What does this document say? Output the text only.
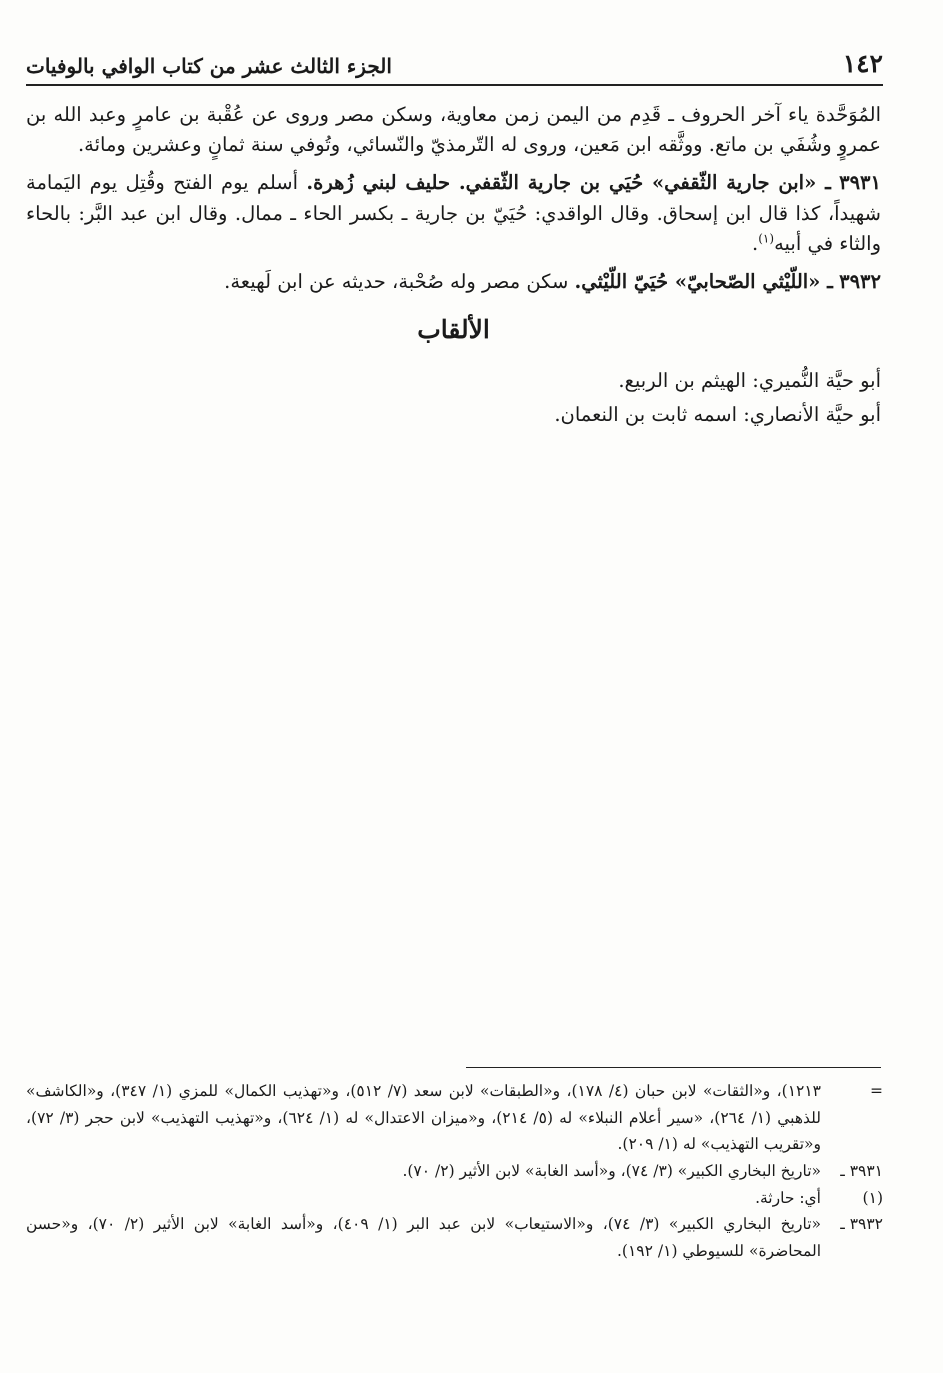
١٤٢
الجزء الثالث عشر من كتاب الوافي بالوفيات

المُوَحَّدة ياء آخر الحروف ـ قَدِم من اليمن زمن معاوية، وسكن مصر وروى عن عُقْبة بن عامرٍ وعبد الله بن عمروٍ وشُفَي بن ماتع. ووثَّقه ابن مَعين، وروى له التّرمذيّ والنّسائي، وتُوفي سنة ثمانٍ وعشرين ومائة.

٣٩٣١ ـ «ابن جارية الثّقفي» حُيَي بن جارية الثّقفي. حليف لبني زُهرة. أسلم يوم الفتح وقُتِل يوم اليَمامة شهيداً، كذا قال ابن إسحاق. وقال الواقدي: حُيَيّ بن جارية ـ بكسر الحاء ـ ممال. وقال ابن عبد البَّر: بالحاء والثاء في أبيه$^{(١)}$.

٣٩٣٢ ـ «اللّيْثي الصّحابيّ» حُيَيّ اللّيْثي. سكن مصر وله صُحْبة، حديثه عن ابن لَهيعة.

الألقاب

أبو حيَّة النُّميري: الهيثم بن الربيع.

أبو حيَّة الأنصاري: اسمه ثابت بن النعمان.

=
١٢١٣)، و«الثقات» لابن حبان (٤/ ١٧٨)، و«الطبقات» لابن سعد (٧/ ٥١٢)، و«تهذيب الكمال» للمزي (١/ ٣٤٧)، و«الكاشف» للذهبي (١/ ٢٦٤)، «سير أعلام النبلاء» له (٥/ ٢١٤)، و«ميزان الاعتدال» له (١/ ٦٢٤)، و«تهذيب التهذيب» لابن حجر (٣/ ٧٢)، و«تقريب التهذيب» له (١/ ٢٠٩).
٣٩٣١ ـ
«تاريخ البخاري الكبير» (٣/ ٧٤)، و«أسد الغابة» لابن الأثير (٢/ ٧٠).
(١)
أي: حارثة.
٣٩٣٢ ـ
«تاريخ البخاري الكبير» (٣/ ٧٤)، و«الاستيعاب» لابن عبد البر (١/ ٤٠٩)، و«أسد الغابة» لابن الأثير (٢/ ٧٠)، و«حسن المحاضرة» للسيوطي (١/ ١٩٢).
